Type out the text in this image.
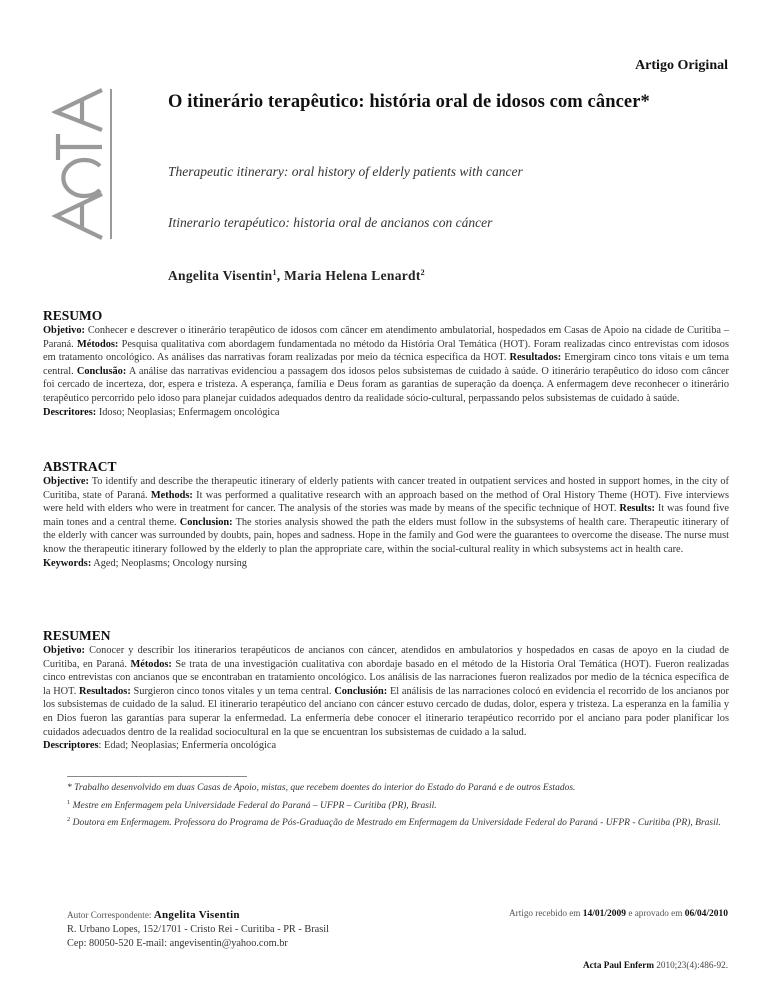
Artigo Original
O itinerário terapêutico: história oral de idosos com câncer*
Therapeutic itinerary: oral history of elderly patients with cancer
Itinerario terapéutico: historia oral de ancianos con cáncer
Angelita Visentin$^1$, Maria Helena Lenardt$^2$
RESUMO

Objetivo: Conhecer e descrever o itinerário terapêutico de idosos com câncer em atendimento ambulatorial, hospedados em Casas de Apoio na cidade de Curitiba – Paraná. Métodos: Pesquisa qualitativa com abordagem fundamentada no método da História Oral Temática (HOT). Foram realizadas cinco entrevistas com idosos em tratamento oncológico. As análises das narrativas foram realizadas por meio da técnica específica da HOT. Resultados: Emergiram cinco tons vitais e um tema central. Conclusão: A análise das narrativas evidenciou a passagem dos idosos pelos subsistemas de cuidado à saúde. O itinerário terapêutico do idoso com câncer foi cercado de incerteza, dor, espera e tristeza. A esperança, família e Deus foram as garantias de superação da doença. A enfermagem deve reconhecer o itinerário terapêutico percorrido pelo idoso para planejar cuidados adequados dentro da realidade sócio-cultural, perpassando pelos subsistemas de cuidado à saúde.

Descritores: Idoso; Neoplasias; Enfermagem oncológica

ABSTRACT

Objective: To identify and describe the therapeutic itinerary of elderly patients with cancer treated in outpatient services and hosted in support homes, in the city of Curitiba, state of Paraná. Methods: It was performed a qualitative research with an approach based on the method of Oral History Theme (HOT). Five interviews were held with elders who were in treatment for cancer. The analysis of the stories was made by means of the specific technique of HOT. Results: It was found five main tones and a central theme. Conclusion: The stories analysis showed the path the elders must follow in the subsystems of health care. Therapeutic itinerary of the elderly with cancer was surrounded by doubts, pain, hopes and sadness. Hope in the family and God were the guarantees to overcome the disease. The nurse must know the therapeutic itinerary followed by the elderly to plan the appropriate care, within the social-cultural reality in which subsystems act in health care.

Keywords: Aged; Neoplasms; Oncology nursing

RESUMEN

Objetivo: Conocer y describir los itinerarios terapéuticos de ancianos con cáncer, atendidos en ambulatorios y hospedados en casas de apoyo en la ciudad de Curitiba, en Paraná. Métodos: Se trata de una investigación cualitativa con abordaje basado en el método de la Historia Oral Temática (HOT). Fueron realizadas cinco entrevistas con ancianos que se encontraban en tratamiento oncológico. Los análisis de las narraciones fueron realizados por medio de la técnica específica de la HOT. Resultados: Surgieron cinco tonos vitales y un tema central. Conclusión: El análisis de las narraciones colocó en evidencia el recorrido de los ancianos por los subsistemas de cuidado de la salud. El itinerario terapéutico del anciano con cáncer estuvo cercado de dudas, dolor, espera y tristeza. La esperanza en la familia y en Dios fueron las garantías para superar la enfermedad. La enfermería debe conocer el itinerario terapéutico recorrido por el anciano para poder planificar los cuidados adecuados dentro de la realidad sociocultural en la que se encuentran los subsistemas de cuidado a la salud.

Descriptores: Edad; Neoplasias; Enfermería oncológica

* Trabalho desenvolvido em duas Casas de Apoio, mistas, que recebem doentes do interior do Estado do Paraná e de outros Estados.

$^1$ Mestre em Enfermagem pela Universidade Federal do Paraná – UFPR – Curitiba (PR), Brasil.

$^2$ Doutora em Enfermagem. Professora do Programa de Pós-Graduação de Mestrado em Enfermagem da Universidade Federal do Paraná - UFPR - Curitiba (PR), Brasil.

Autor Correspondente: Angelita Visentin
R. Urbano Lopes, 152/1701 - Cristo Rei - Curitiba - PR - Brasil
Cep: 80050-520 E-mail: angevisentin@yahoo.com.br
Artigo recebido em 14/01/2009 e aprovado em 06/04/2010
Acta Paul Enferm 2010;23(4):486-92.
